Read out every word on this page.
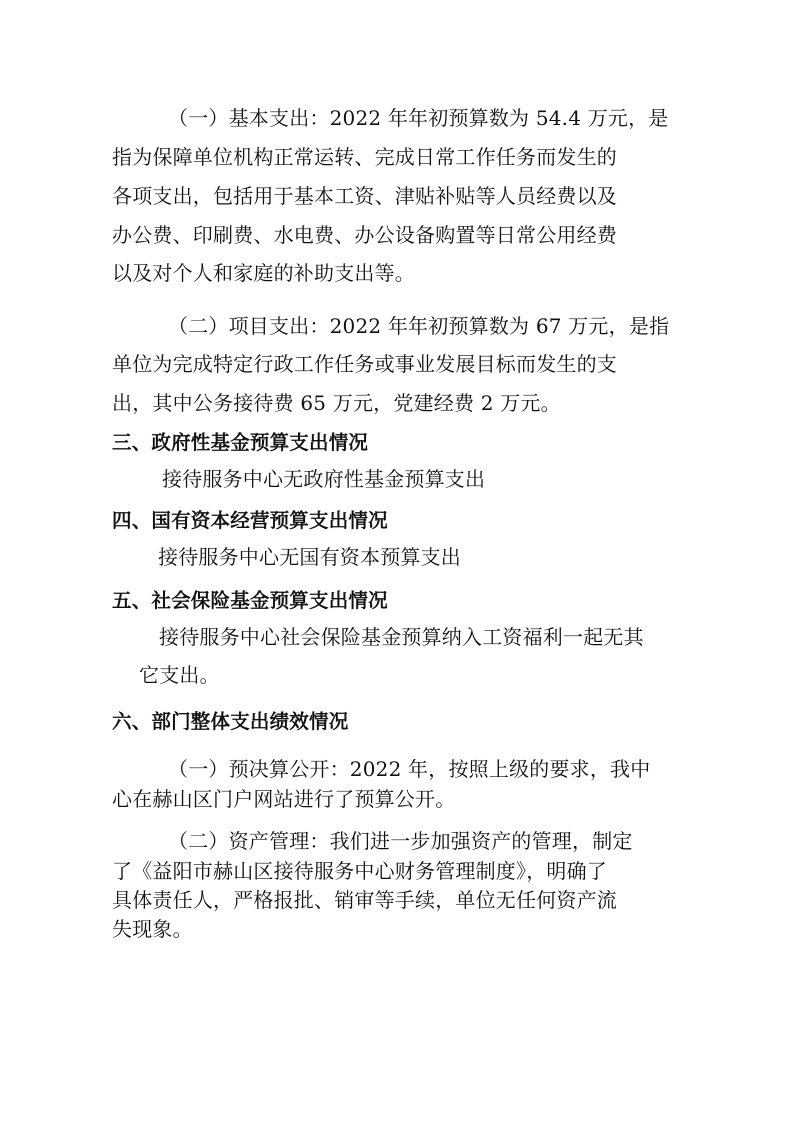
（一）基本支出：2022 年年初预算数为 54.4 万元，是
指为保障单位机构正常运转、完成日常工作任务而发生的
各项支出，包括用于基本工资、津贴补贴等人员经费以及
办公费、印刷费、水电费、办公设备购置等日常公用经费
以及对个人和家庭的补助支出等。
（二）项目支出：2022 年年初预算数为 67 万元，是指
单位为完成特定行政工作任务或事业发展目标而发生的支
出，其中公务接待费 65 万元，党建经费 2 万元。
三、政府性基金预算支出情况
接待服务中心无政府性基金预算支出
四、国有资本经营预算支出情况
接待服务中心无国有资本预算支出
五、社会保险基金预算支出情况
接待服务中心社会保险基金预算纳入工资福利一起无其
它支出。
六、部门整体支出绩效情况
（一）预决算公开：2022 年，按照上级的要求，我中
心在赫山区门户网站进行了预算公开。
（二）资产管理：我们进一步加强资产的管理，制定
了《益阳市赫山区接待服务中心财务管理制度》，明确了
具体责任人，严格报批、销审等手续，单位无任何资产流
失现象。
